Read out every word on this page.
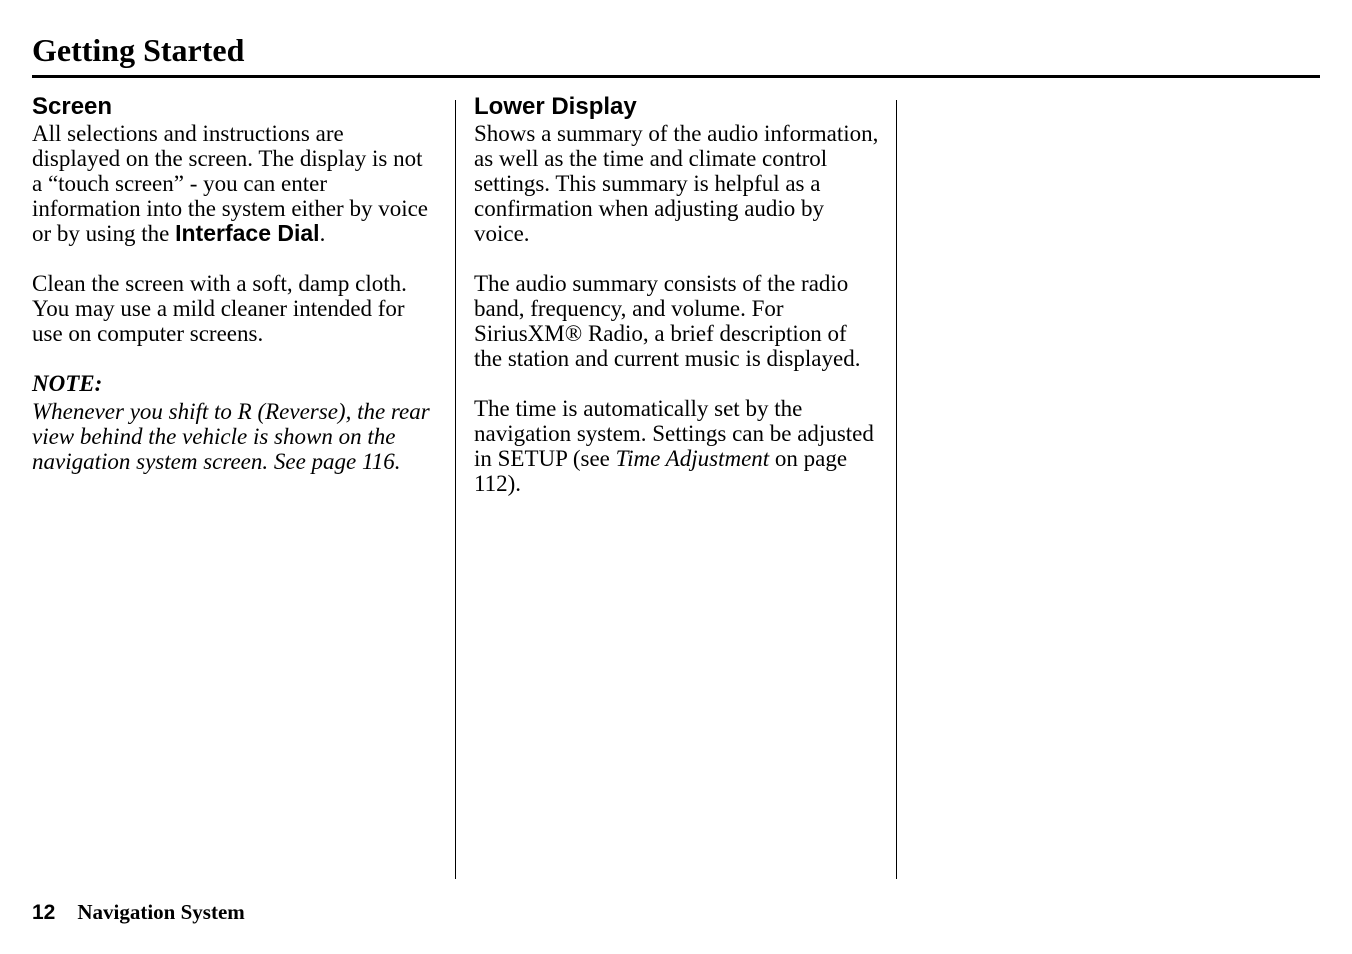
Getting Started
Screen

All selections and instructions are displayed on the screen. The display is not a “touch screen” - you can enter information into the system either by voice or by using the Interface Dial.

Clean the screen with a soft, damp cloth. You may use a mild cleaner intended for use on computer screens.

NOTE:
Whenever you shift to R (Reverse), the rear view behind the vehicle is shown on the navigation system screen. See page 116.
Lower Display

Shows a summary of the audio information, as well as the time and climate control settings. This summary is helpful as a confirmation when adjusting audio by voice.

The audio summary consists of the radio band, frequency, and volume. For SiriusXM® Radio, a brief description of the station and current music is displayed.

The time is automatically set by the navigation system. Settings can be adjusted in SETUP (see Time Adjustment on page 112).

12 Navigation System
